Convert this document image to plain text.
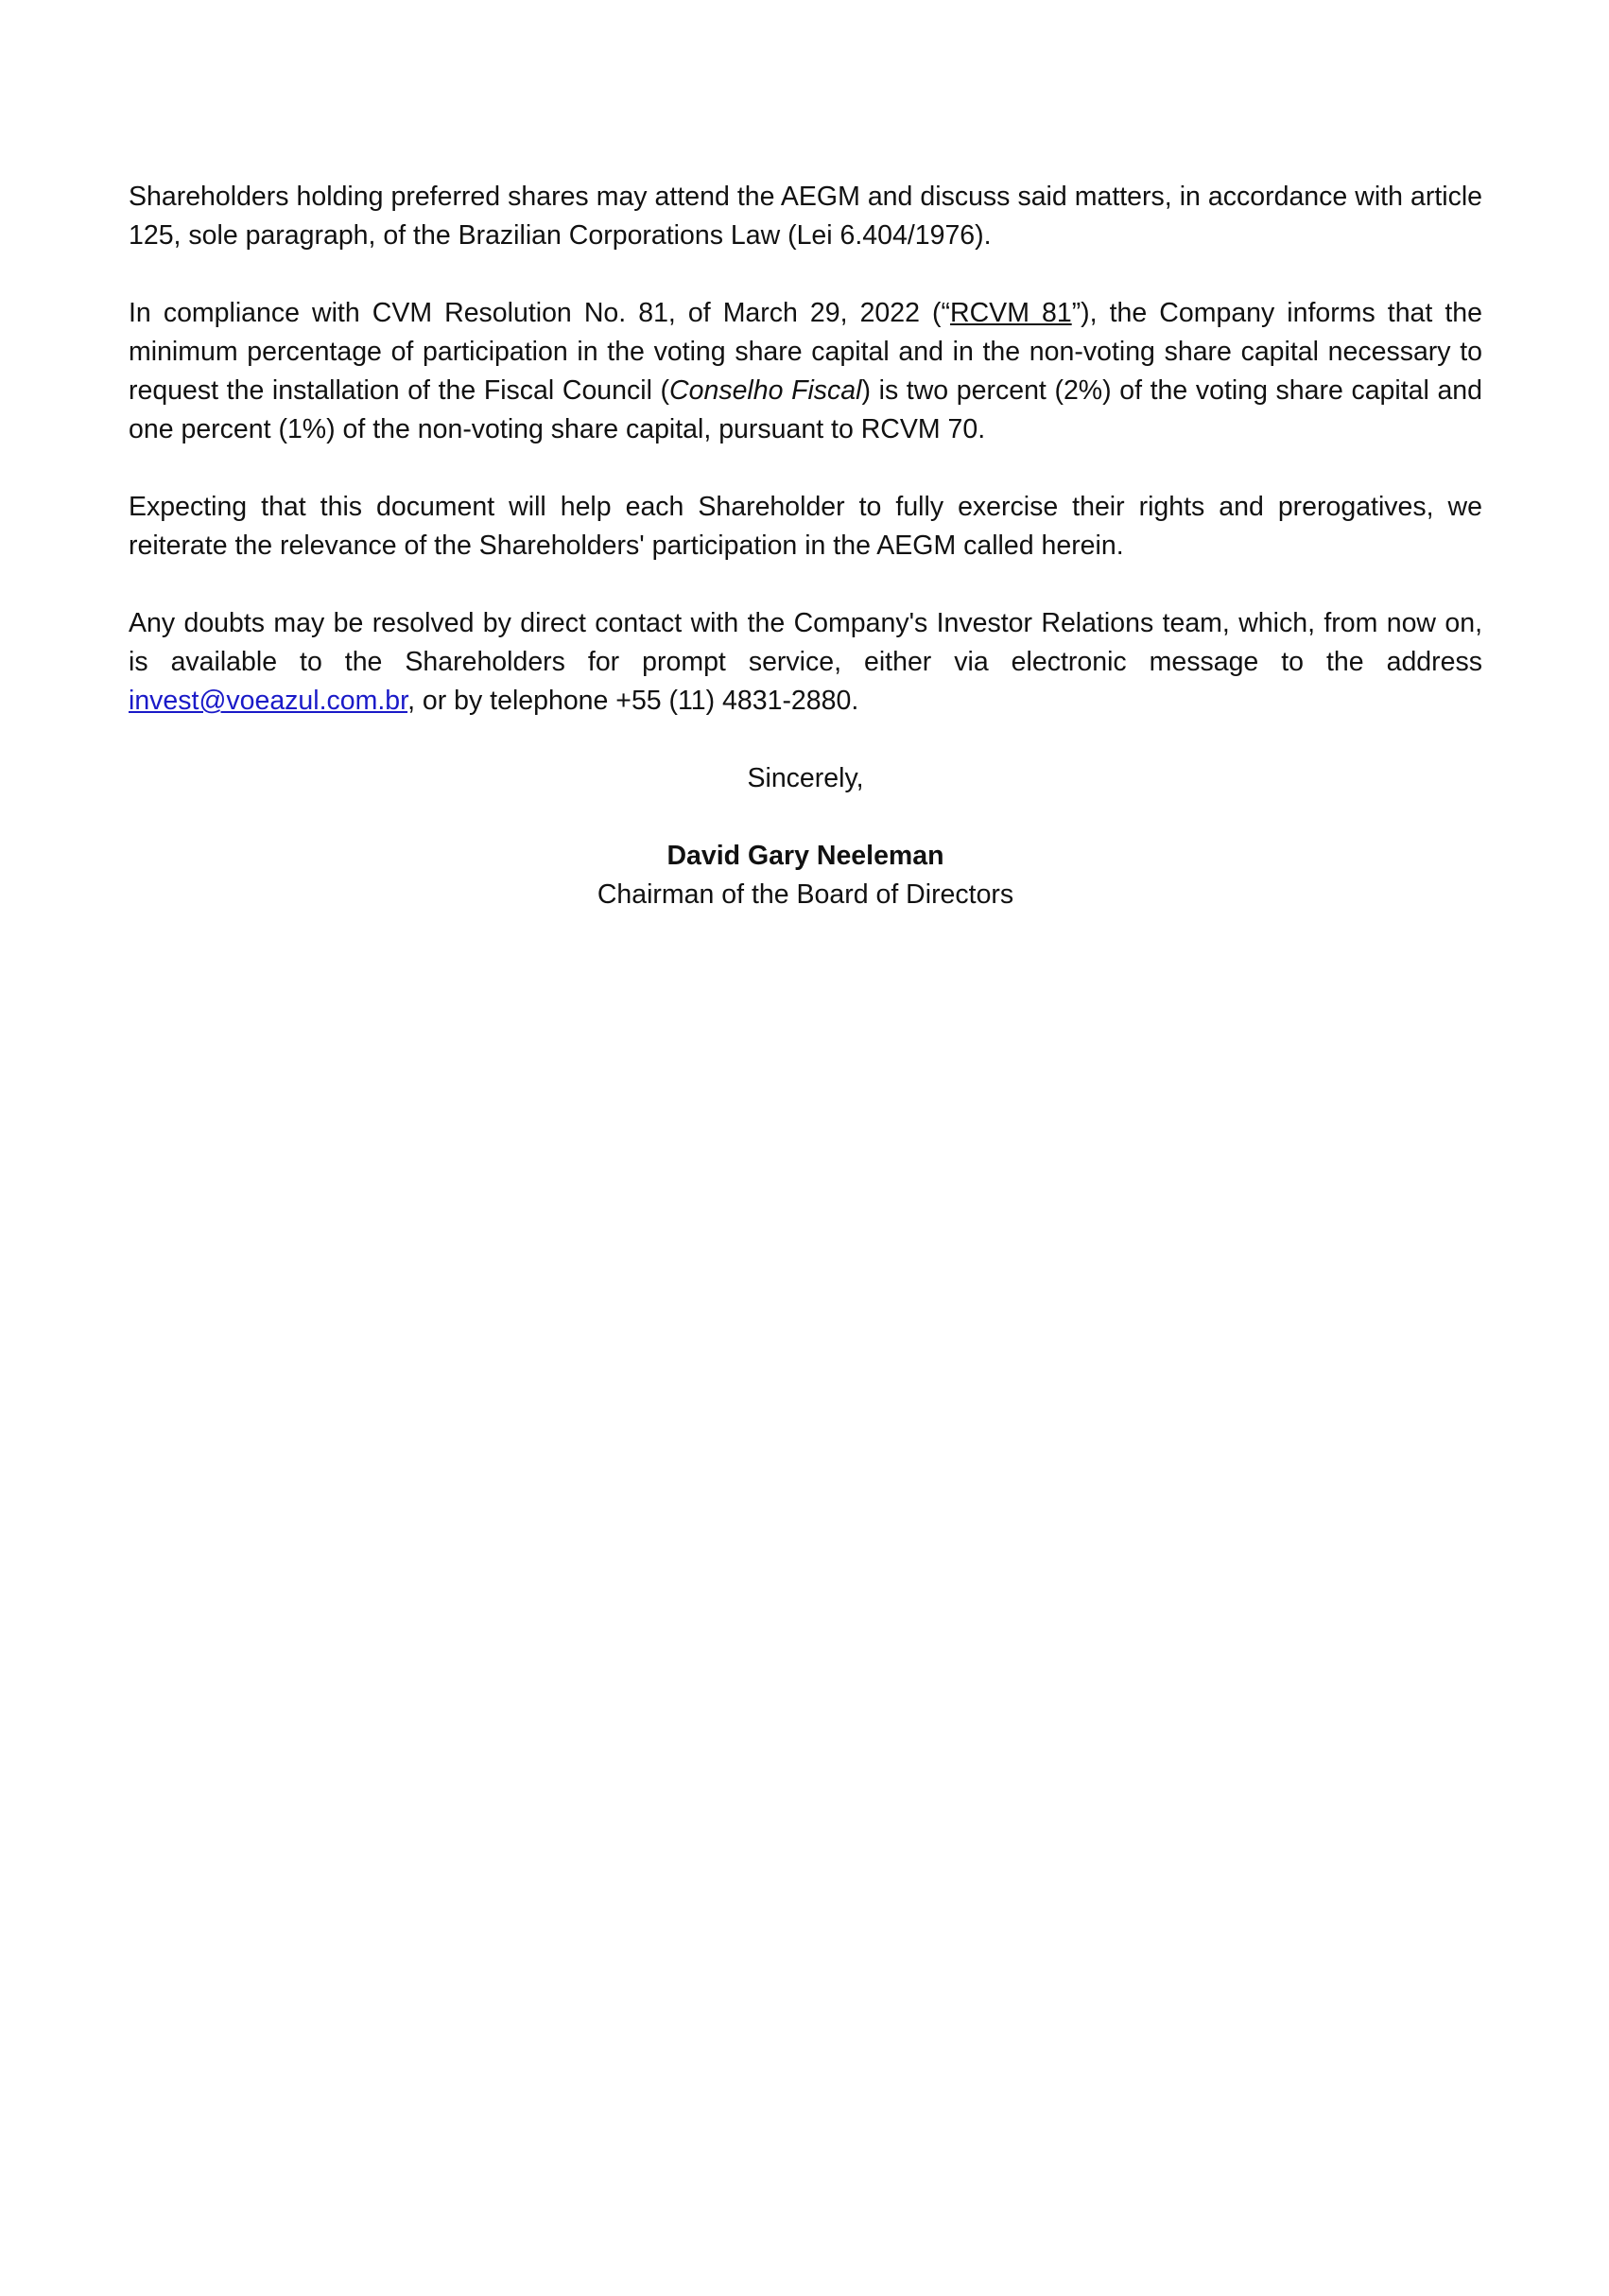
Shareholders holding preferred shares may attend the AEGM and discuss said matters, in accordance with article 125, sole paragraph, of the Brazilian Corporations Law (Lei 6.404/1976).

In compliance with CVM Resolution No. 81, of March 29, 2022 (“RCVM 81”), the Company informs that the minimum percentage of participation in the voting share capital and in the non-voting share capital necessary to request the installation of the Fiscal Council (Conselho Fiscal) is two percent (2%) of the voting share capital and one percent (1%) of the non-voting share capital, pursuant to RCVM 70.

Expecting that this document will help each Shareholder to fully exercise their rights and prerogatives, we reiterate the relevance of the Shareholders' participation in the AEGM called herein.

Any doubts may be resolved by direct contact with the Company's Investor Relations team, which, from now on, is available to the Shareholders for prompt service, either via electronic message to the address invest@voeazul.com.br, or by telephone +55 (11) 4831-2880.

Sincerely,

David Gary Neeleman
Chairman of the Board of Directors
